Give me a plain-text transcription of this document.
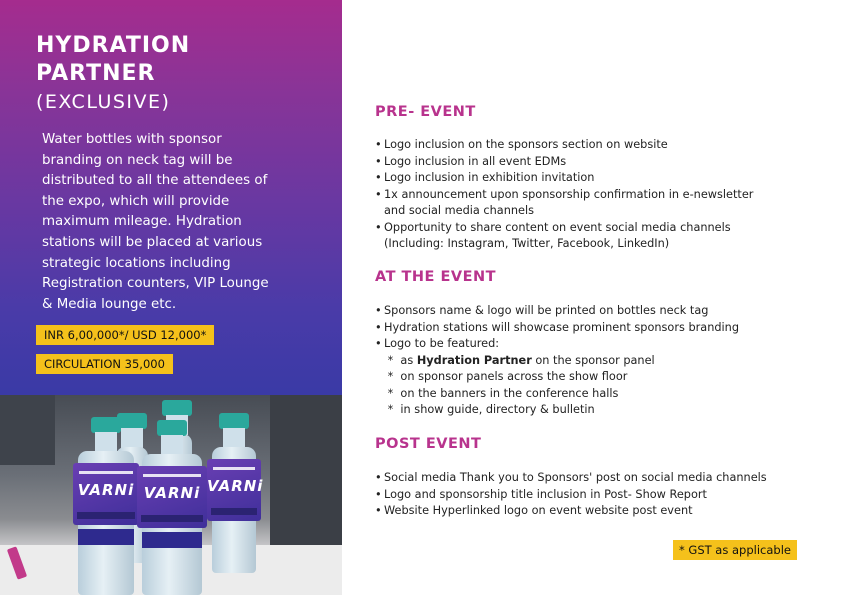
HYDRATION
PARTNER
(EXCLUSIVE)

Water bottles with sponsor branding on neck tag will be distributed to all the attendees of the expo, which will provide maximum mileage. Hydration stations will be placed at various strategic locations including Registration counters, VIP Lounge & Media lounge etc.

INR 6,00,000*/ USD 12,000*
CIRCULATION 35,000
VARNi
VARNi VARNi
PRE- EVENT
• Logo inclusion on the sponsors section on website
• Logo inclusion in all event EDMs
• Logo inclusion in exhibition invitation
• 1x announcement upon sponsorship confirmation in e-newsletter
and social media channels
• Opportunity to share content on event social media channels
(Including: Instagram, Twitter, Facebook, LinkedIn)
AT THE EVENT
• Sponsors name & logo will be printed on bottles neck tag
• Hydration stations will showcase prominent sponsors branding
• Logo to be featured:
*  as Hydration Partner on the sponsor panel
*  on sponsor panels across the show floor
*  on the banners in the conference halls
*  in show guide, directory & bulletin
POST EVENT
• Social media Thank you to Sponsors' post on social media channels
• Logo and sponsorship title inclusion in Post- Show Report
• Website Hyperlinked logo on event website post event
* GST as applicable
